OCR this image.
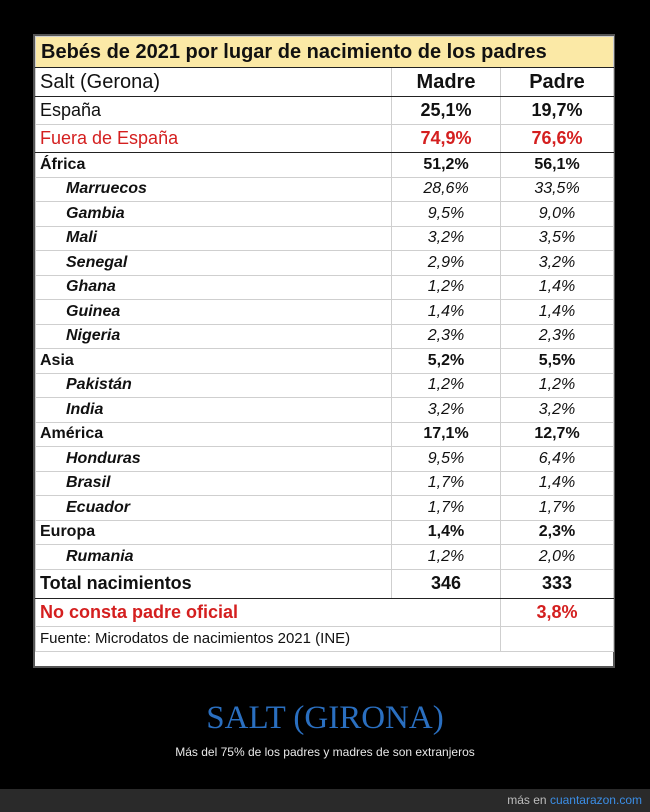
Bebés de 2021 por lugar de nacimiento de los padres		
Salt (Gerona)	Madre	Padre
España	25,1%	19,7%
Fuera de España	74,9%	76,6%
África	51,2%	56,1%
Marruecos	28,6%	33,5%
Gambia	9,5%	9,0%
Mali	3,2%	3,5%
Senegal	2,9%	3,2%
Ghana	1,2%	1,4%
Guinea	1,4%	1,4%
Nigeria	2,3%	2,3%
Asia	5,2%	5,5%
Pakistán	1,2%	1,2%
India	3,2%	3,2%
América	17,1%	12,7%
Honduras	9,5%	6,4%
Brasil	1,7%	1,4%
Ecuador	1,7%	1,7%
Europa	1,4%	2,3%
Rumania	1,2%	2,0%
Total nacimientos	346	333
No consta padre oficial		3,8%
Fuente: Microdatos de nacimientos 2021 (INE)		
SALT (GIRONA)
Más del 75% de los padres y madres de son extranjeros
más en cuantarazon.com
